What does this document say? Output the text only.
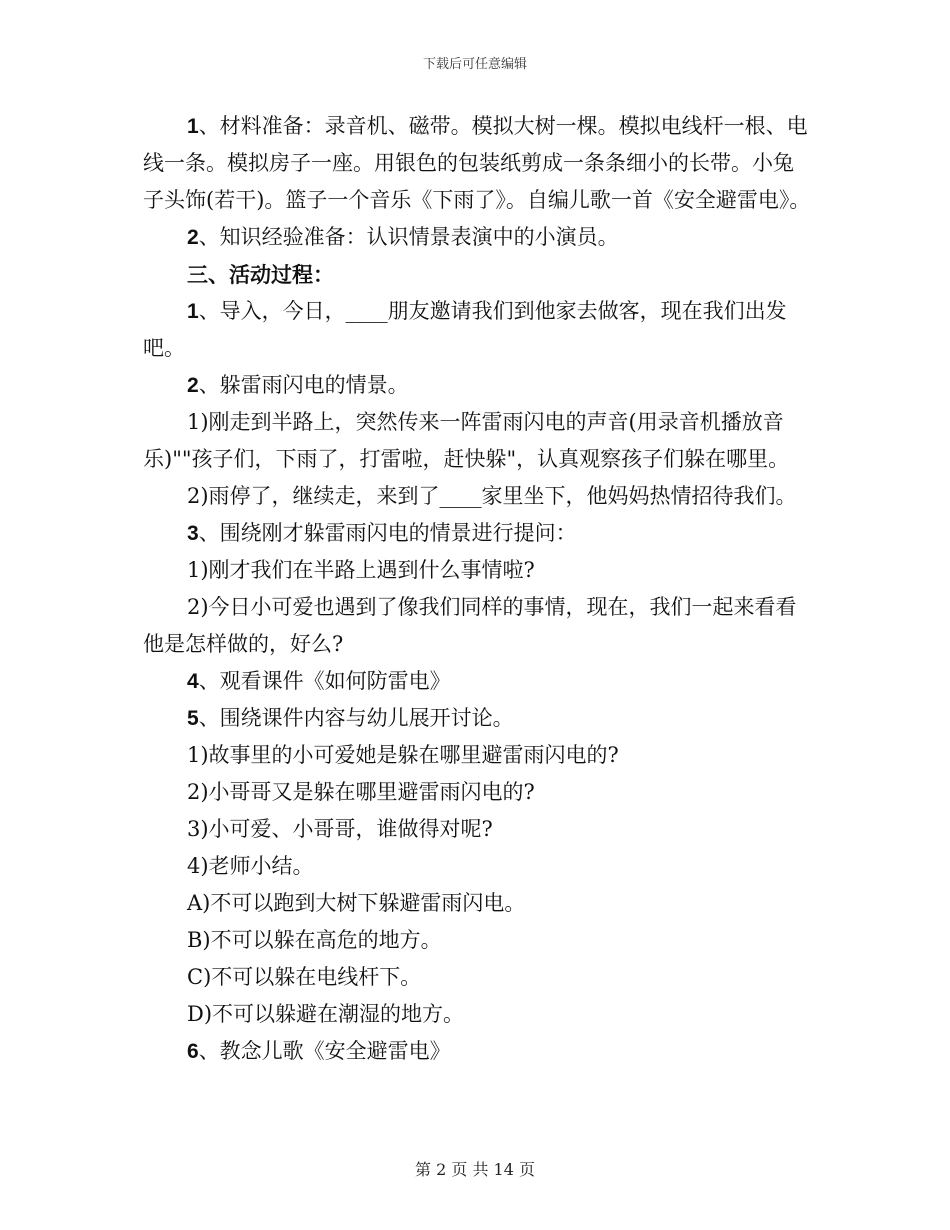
下载后可任意编辑

1、材料准备：录音机、磁带。模拟大树一棵。模拟电线杆一根、电线一条。模拟房子一座。用银色的包装纸剪成一条条细小的长带。小兔子头饰(若干)。篮子一个音乐《下雨了》。自编儿歌一首《安全避雷电》。

2、知识经验准备：认识情景表演中的小演员。

三、活动过程：

1、导入，今日，____朋友邀请我们到他家去做客，现在我们出发吧。

2、躲雷雨闪电的情景。

1)刚走到半路上，突然传来一阵雷雨闪电的声音(用录音机播放音乐)""孩子们，下雨了，打雷啦，赶快躲"，认真观察孩子们躲在哪里。

2)雨停了，继续走，来到了____家里坐下，他妈妈热情招待我们。

3、围绕刚才躲雷雨闪电的情景进行提问：

1)刚才我们在半路上遇到什么事情啦?

2)今日小可爱也遇到了像我们同样的事情，现在，我们一起来看看他是怎样做的，好么?

4、观看课件《如何防雷电》

5、围绕课件内容与幼儿展开讨论。

1)故事里的小可爱她是躲在哪里避雷雨闪电的?

2)小哥哥又是躲在哪里避雷雨闪电的?

3)小可爱、小哥哥，谁做得对呢?

4)老师小结。

A)不可以跑到大树下躲避雷雨闪电。

B)不可以躲在高危的地方。

C)不可以躲在电线杆下。

D)不可以躲避在潮湿的地方。

6、教念儿歌《安全避雷电》

第 2 页 共 14 页
